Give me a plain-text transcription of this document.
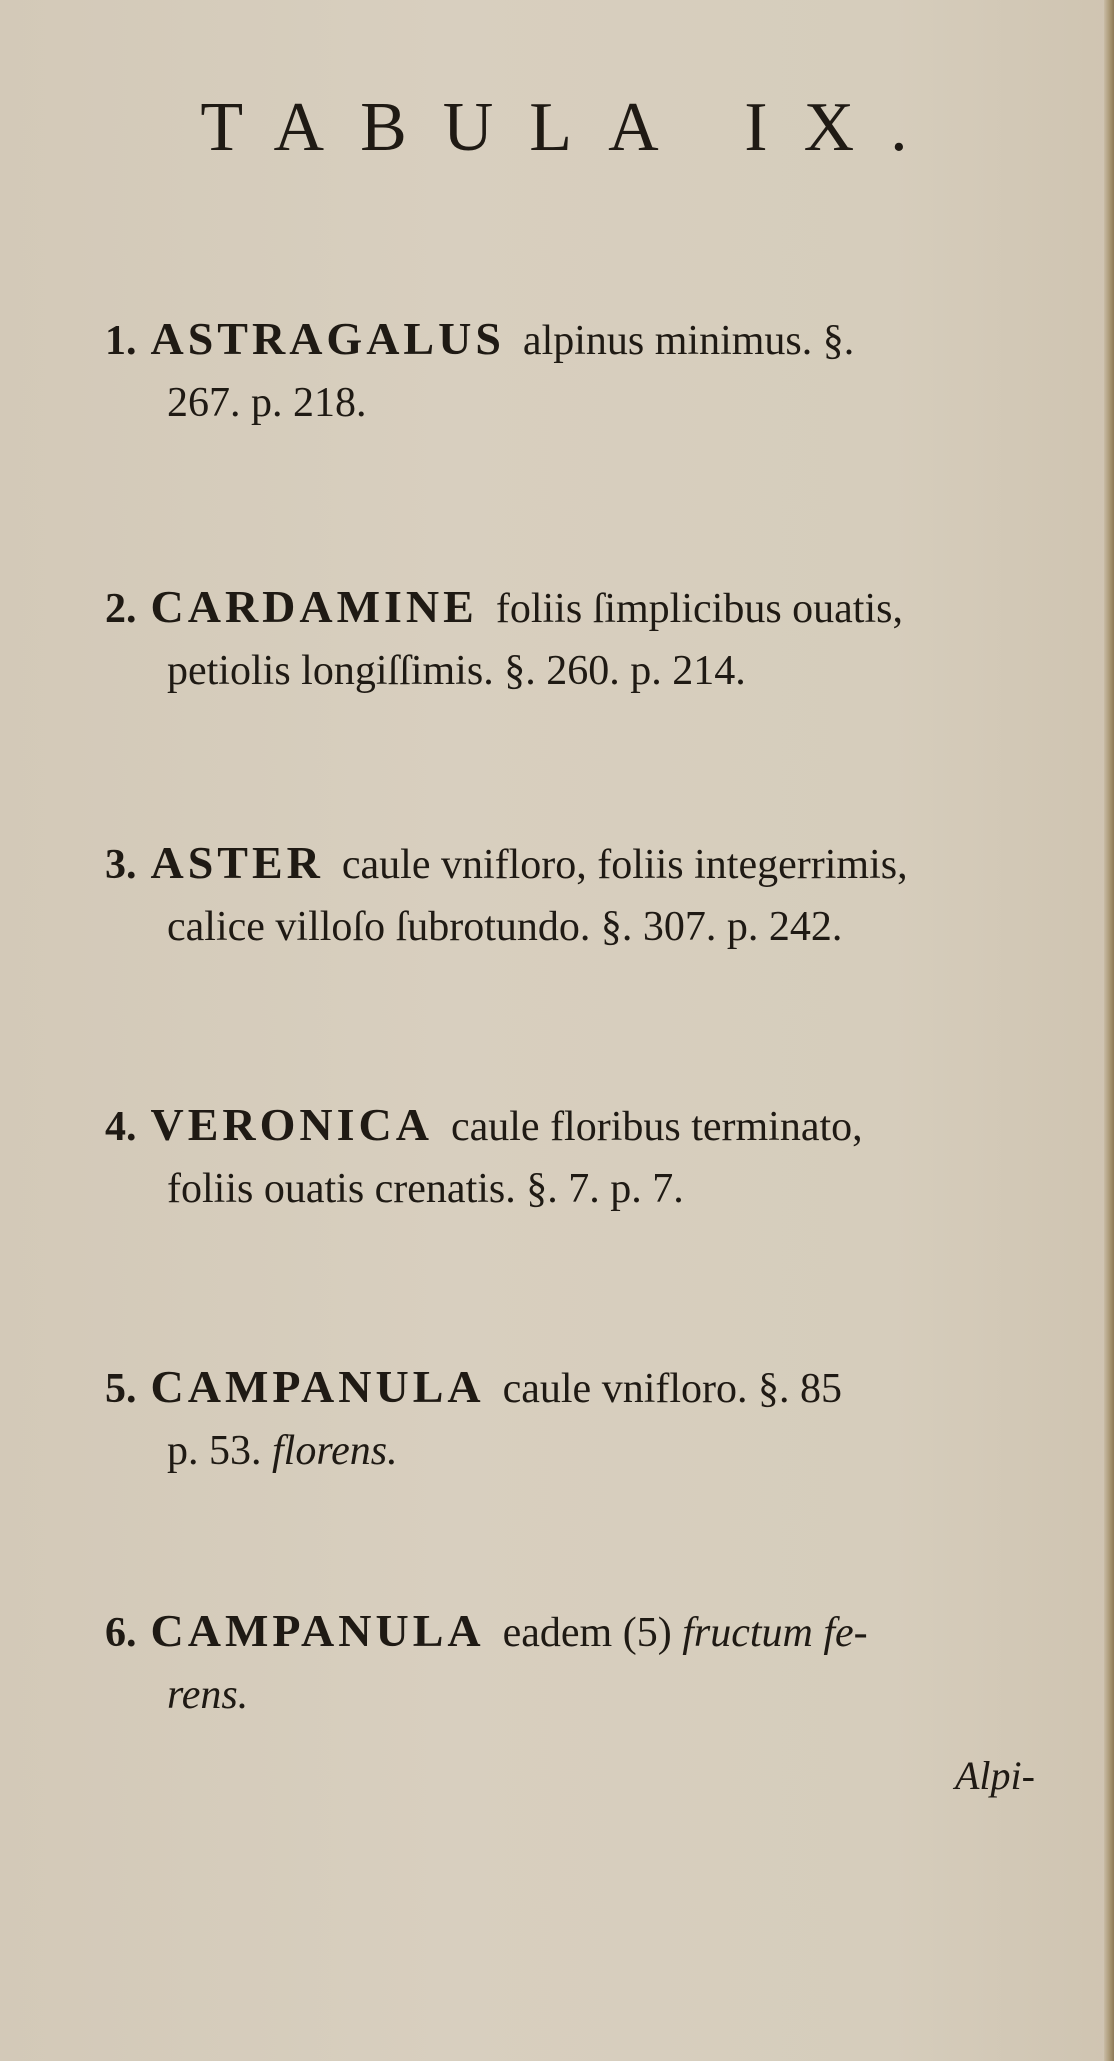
TABULA IX.
1. ASTRAGALUS alpinus minimus. §.
267. p. 218.
2. CARDAMINE foliis ſimplicibus ouatis,
petiolis longiſſimis. §. 260. p. 214.
3. ASTER caule vnifloro, foliis integerrimis,
calice villoſo ſubrotundo. §. 307. p. 242.
4. VERONICA caule floribus terminato,
foliis ouatis crenatis. §. 7. p. 7.
5. CAMPANULA caule vnifloro. §. 85
p. 53. florens.
6. CAMPANULA eadem (5) fructum fe-
rens.
Alpi-
